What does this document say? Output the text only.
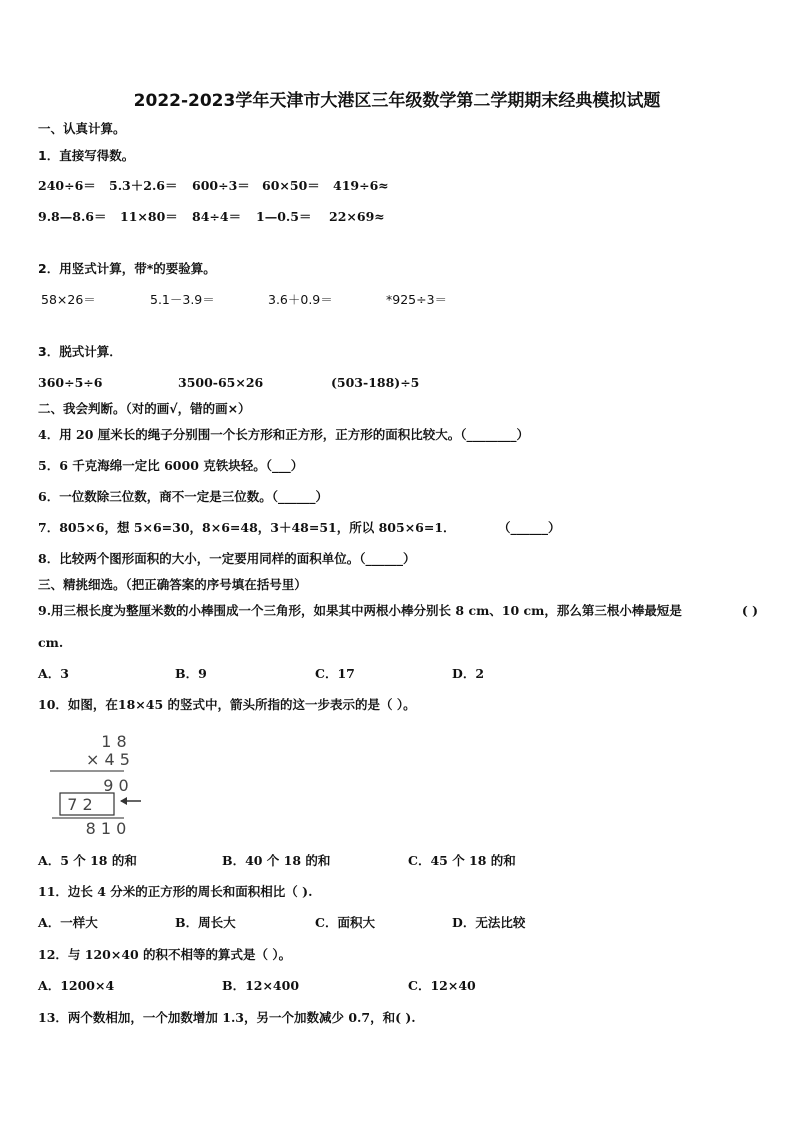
2022-2023学年天津市大港区三年级数学第二学期期末经典模拟试题
一、认真计算。
1．直接写得数。
240÷6＝ 5.3＋2.6＝ 600÷3＝ 60×50＝ 419÷6≈
9.8—8.6＝ 11×80＝ 84÷4＝ 1—0.5＝ 22×69≈
2．用竖式计算，带*的要验算。
58×26＝	5.1－3.9＝	3.6＋0.9＝	*925÷3＝
3．脱式计算．
360÷5÷6	3500-65×26	(503-188)÷5
二、我会判断。（对的画√，错的画×）
4．用 20 厘米长的绳子分别围一个长方形和正方形，正方形的面积比较大。（________）
5．6 千克海绵一定比 6000 克铁块轻。（___）
6．一位数除三位数，商不一定是三位数。（______）
7．805×6，想 5×6=30，8×6=48，3＋48=51，所以 805×6=1．	（______）
8．比较两个图形面积的大小，一定要用同样的面积单位。（______）
三、精挑细选。（把正确答案的序号填在括号里）
9.用三根长度为整厘米数的小棒围成一个三角形，如果其中两根小棒分别长 8 cm、10 cm，那么第三根小棒最短是	( )
cm.
A．3	B．9	C．17	D．2
10．如图，在18×45 的竖式中，箭头所指的这一步表示的是（ ）。
1 8
× 4 5
9 0
7 2
8 1 0
A．5 个 18 的和	B．40 个 18 的和	C．45 个 18 的和
11．边长 4 分米的正方形的周长和面积相比（ ).
A．一样大	B．周长大	C．面积大	D．无法比较
12．与 120×40 的积不相等的算式是（ ）。
A．1200×4	B．12×400	C．12×40
13．两个数相加，一个加数增加 1.3，另一个加数减少 0.7，和( ).
